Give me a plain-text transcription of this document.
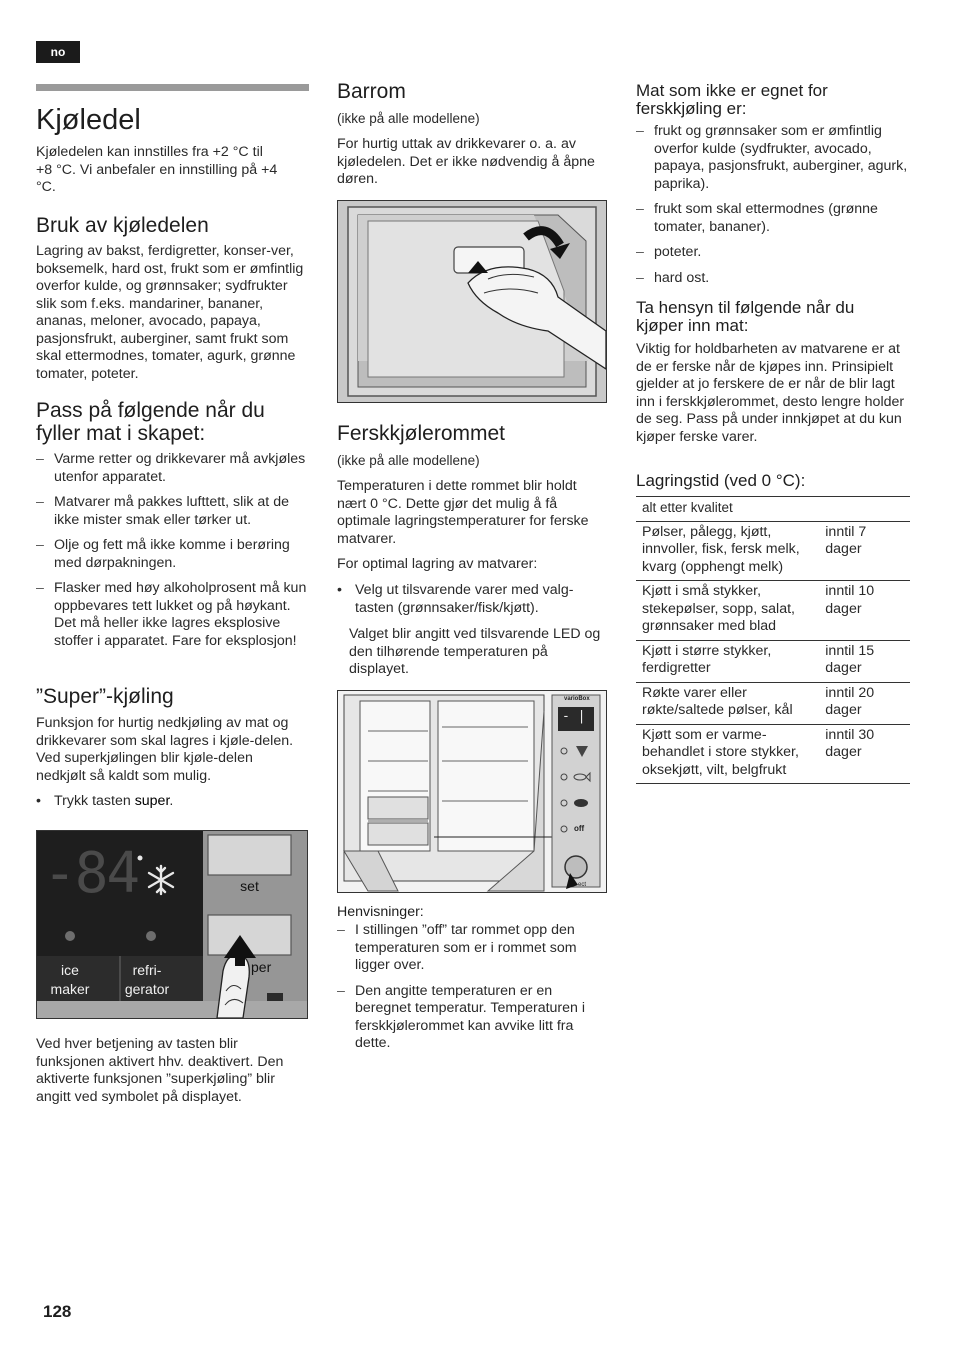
no
Kjøledel

Kjøledelen kan innstilles fra +2 °C til +8 °C. Vi anbefaler en innstilling på +4 °C.

Bruk av kjøledelen

Lagring av bakst, ferdigretter, konser-ver, boksemelk, hard ost, frukt som er ømfintlig overfor kulde, og grønnsaker; sydfrukter slik som f.eks. mandariner, bananer, ananas, meloner, avocado, papaya, pasjonsfrukt, auberginer, samt frukt som skal ettermodnes, tomater, agurk, grønne tomater, poteter.

Pass på følgende når du fyller mat i skapet:
– Varme retter og drikkevarer må avkjøles utenfor apparatet.
– Matvarer må pakkes lufttett, slik at de ikke mister smak eller tørker ut.
– Olje og fett må ikke komme i berøring med dørpakningen.
– Flasker med høy alkoholprosent må kun oppbevares tett lukket og på høykant. Det må heller ikke lagres eksplosive stoffer i apparatet. Fare for eksplosjon!
”Super”-kjøling

Funksjon for hurtig nedkjøling av mat og drikkevarer som skal lagres i kjøle-delen. Ved superkjølingen blir kjøle-delen nedkjølt så kaldt som mulig.

• Trykk tasten super.
-84	set
per
ice
maker
refri-
gerator

Ved hver betjening av tasten blir funksjonen aktivert hhv. deaktivert. Den aktiverte funksjonen ”superkjøling” blir angitt ved symbolet på displayet.

Barrom

(ikke på alle modellene)

For hurtig uttak av drikkevarer o. a. av kjøledelen. Det er ikke nødvendig å åpne døren.

Ferskkjølerommet

(ikke på alle modellene)

Temperaturen i dette rommet blir holdt nært 0 °C. Dette gjør det mulig å få optimale lagringstemperaturer for ferske matvarer.

For optimal lagring av matvarer:

• Velg ut tilsvarende varer med valg-tasten (grønnsaker/fisk/kjøtt).

Valget blir angitt ved tilsvarende LED og den tilhørende temperaturen på displayet.

varioBox
- |
off
ect
Henvisninger:
– I stillingen ”off” tar rommet opp den temperaturen som er i rommet som ligger over.
– Den angitte temperaturen er en beregnet temperatur. Temperaturen i ferskkjølerommet kan avvike litt fra dette.
Mat som ikke er egnet for ferskkjøling er:
– frukt og grønnsaker som er ømfintlig overfor kulde (sydfrukter, avocado, papaya, pasjonsfrukt, auberginer, agurk, paprika).
– frukt som skal ettermodnes (grønne tomater, bananer).
– poteter.
– hard ost.
Ta hensyn til følgende når du kjøper inn mat:

Viktig for holdbarheten av matvarene er at de er ferske når de kjøpes inn. Prinsipielt gjelder at jo ferskere de er når de blir lagt inn i ferskkjølerommet, desto lengre holder de seg. Pass på under innkjøpet at du kun kjøper ferske varer.

Lagringstid (ved 0 °C):
alt etter kvalitet	
Pølser, pålegg, kjøtt, innvoller, fisk, fersk melk, kvarg (opphengt melk)	inntil 7 dager
Kjøtt i små stykker, stekepølser, sopp, salat, grønnsaker med blad	inntil 10 dager
Kjøtt i større stykker, ferdigretter	inntil 15 dager
Røkte varer eller røkte/saltede pølser, kål	inntil 20 dager
Kjøtt som er varme-behandlet i store stykker, oksekjøtt, vilt, belgfrukt	inntil 30 dager
128
